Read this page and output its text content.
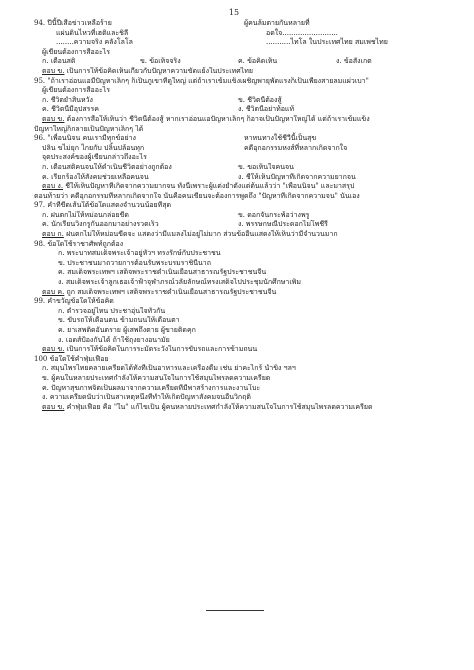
15
94. ปีนี้ปีเสือข่าวเหลือร้าย	ผู้คนล้มตายกันหลายที่
แผ่นดินไหวที่เฮติและชิลี	อดใจ.........................
........ความจริง คลังโลโล	...........ไทโล ในประเทศไทย สมเพชไทย
ผู้เขียนต้องการสื่ออะไร
ก. เตือนสติ	ข. ข้อเท็จจริง	ค. ข้อคิดเห็น	ง. ข้อสังเกต
ตอบ ข. เป็นการให้ข้อคิดเห็นเกี่ยวกับปัญหาความขัดแย้งในประเทศไทย
95. "ถ้าเราอ่อนแอมีปัญหาเล็กๆ ก็เป็นภูเขาที่ดูใหญ่ แต่ถ้าเราเข้มแข็งเผชิญพายุพัดแรงก็เป็นเพียงสายลมแผ่วเบา"
ผู้เขียนต้องการสื่ออะไร
ก. ชีวิตย่ำสิ้นหวัง	ข. ชีวิตนี้ต้องสู้
ค. ชีวิตนี้มีอุปสรรค	ง. ชีวิตนี้อย่าท้อแท้
ตอบ ข. ต้องการสื่อให้เห็นว่า ชีวิตนี้ต้องสู้ หากเราอ่อนแอปัญหาเล็กๆ ก็อาจเป็นปัญหาใหญ่ได้ แต่ถ้าเราเข้มแข็ง
ปัญหาใหญ่ก็กลายเป็นปัญหาเล็กๆ ได้
96. "เพื่อนนิจน คนเรามีทุกข์อย่าง	หาหนทางใช้ชีวีนี้เป็นสุข
ปลิน ขไม่ยุก ไกยกับ ปลิ้นปล้อนทุก	คดีอุกอกรรมหงส์ที่หลากเกิดจากใจ
จุดประสงค์ของผู้เขียนกล่าวถึงอะไร
ก. เตือนสติคนจนให้ดำเนินชีวิตอย่างถูกต้อง	ข. ขอเห็นใจคนจน
ค. เรียกร้องให้สังคมช่วยเหลือคนจน	ง. ชี้ให้เห็นปัญหาที่เกิดจากความยากจน
ตอบ ง. ชี้ให้เห็นปัญหาที่เกิดจากความยากจน ทั้งนี้เพราะผู้แต่งย้ำตั้งแต่ต้นแล้วว่า "เพื่อนนิจน" และมาสรุป
ตอนท้ายว่า คดีอุกอกรรมที่หลากเกิดจากใจ นั้นคือคนเขียนจะต้องการพูดถึง "ปัญหาที่เกิดจากความจน" นั่นเอง
97. คำที่ขีดเส้นใต้ข้อใดแสดงจำนวนน้อยที่สุด
ก. ฝนตกไม่ให้หม่อนกล่อยขีด	ข. ดอกจันกระพ้อว่างพรู
ค. นักเรียนวิ่งกรูกันออกมาอย่างรวดเร็ว	ง. พรรษกษณีประดอกไม่โพชีรี
ตอบ ก. ฝนตกไม่ให้หม่อนขีดจะ แสดงว่ามีแมลงไม่อยู่ไม่มาก ส่วนข้ออื่นแสดงให้เห็นว่ามีจำนวนมาก
98. ข้อใดใช้ราชาศัพท์ถูกต้อง
ก. พระบาทสมเด็จพระเจ้าอยู่หัวฯ ทรงรักษ์กับประชาชน
ข. ประชาชนมาถวายการต้อนรับพระบรมราชินีนาถ
ค. สมเด็จพระเทพฯ เสด็จพระราชดำเนินเยือนสาธารณรัฐประชาชนจีน
ง. สมเด็จพระเจ้าลูกเธอเจ้าฟ้าจุฬาภรณ์วลัยลักษณ์ทรงเสด็จไปประชุมนักศึกษาเพิ่ม
ตอบ ค. ถูก สมเด็จพระเทพฯ เสด็จพระราชดำเนินเยือนสาธารณรัฐประชาชนจีน
99. คำขวัญข้อใดให้ข้อคิด
ก. ตำรวจอยู่ไหน ประชาอุ่นใจทั่วกัน
ข. ขับรถให้เดือนตน ข้ามถนนให้เดือนตา
ค. ยาเสพติดอันตราย ผู้เสพถึงตาย ผู้ขายติดคุก
ง. เอดส์ป้องกันได้ ถ้าใช้ถุงยางอนามัย
ตอบ ข. เป็นการให้ข้อคิดในการระมัดระวังในการขับรถและการข้ามถนน
100 ข้อใดใช้คำฟุ่มเฟือย
ก. สมุนไพรไทยคลายเครียดได้ทั้งที่เป็นอาหารและเครื่องดื่ม เช่น ย่าคะไกร้ น้ำขิง ฯลฯ
ข. ผู้คนในหลายประเทศกำลังให้ความสนใจในการใช้สมุนไพรลดความเครียด
ค. ปัญหาสุขภาพจิตเป็นผลมาจากความเครียดที่มีพาสร้างการและงานโบะ
ง. ความเครียดนับว่าเป็นสาเหตุหนึ่งที่ทำให้เกิดปัญหาสังคมจนอื่นวิกฤติ
ตอบ ข. คำฟุ่มเฟือย คือ "ใน" แก้ไขเป็น ผู้คนหลายประเทศกำลังให้ความสนใจในการใช้สมุนไพรลดความเครียด
